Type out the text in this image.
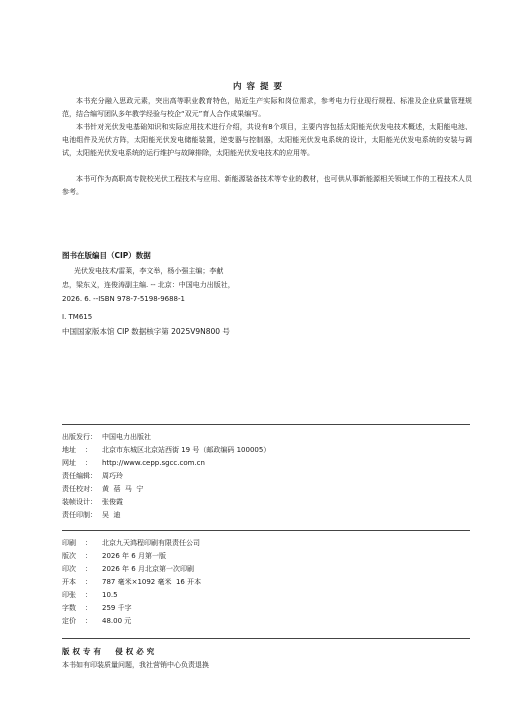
内容提要
本书充分融入思政元素，突出高等职业教育特色，贴近生产实际和岗位需求，参考电力行业现行规程、标准及企业质量管理规范，结合编写团队多年教学经验与校企“双元”育人合作成果编写。
本书针对光伏发电基础知识和实际应用技术进行介绍，共设有8个项目，主要内容包括太阳能光伏发电技术概述，太阳能电池、电池组件及光伏方阵，太阳能光伏发电储能装置，逆变器与控制器，太阳能光伏发电系统的设计，太阳能光伏发电系统的安装与调试，太阳能光伏发电系统的运行维护与故障排除，太阳能光伏发电技术的应用等。
本书可作为高职高专院校光伏工程技术与应用、新能源装备技术等专业的教材，也可供从事新能源相关领域工作的工程技术人员参考。
图书在版编目（CIP）数据
光伏发电技术/雷莱，李文举，杨小强主编；李献
忠，梁东义，连俊涛副主编. -- 北京：中国电力出版社，
2026. 6. --ISBN 978-7-5198-9688-1
Ⅰ. TM615
中国国家版本馆 CIP 数据核字第 2025V9N800 号
出版发行： 中国电力出版社
地址 ： 北京市东城区北京站西街 19 号（邮政编码 100005）
网址 ： http://www.cepp.sgcc.com.cn
责任编辑： 周巧玲
责任校对： 黄  蓓  马  宁
装帧设计： 张俊霞
责任印制： 吴  迪
印刷 ： 北京九天鸿程印刷有限责任公司
版次 ： 2026 年 6 月第一版
印次 ： 2026 年 6 月北京第一次印刷
开本 ： 787 毫米×1092 毫米  16 开本
印张 ： 10.5
字数 ： 259 千字
定价 ： 48.00 元
版权专有  侵权必究
本书如有印装质量问题，我社营销中心负责退换
